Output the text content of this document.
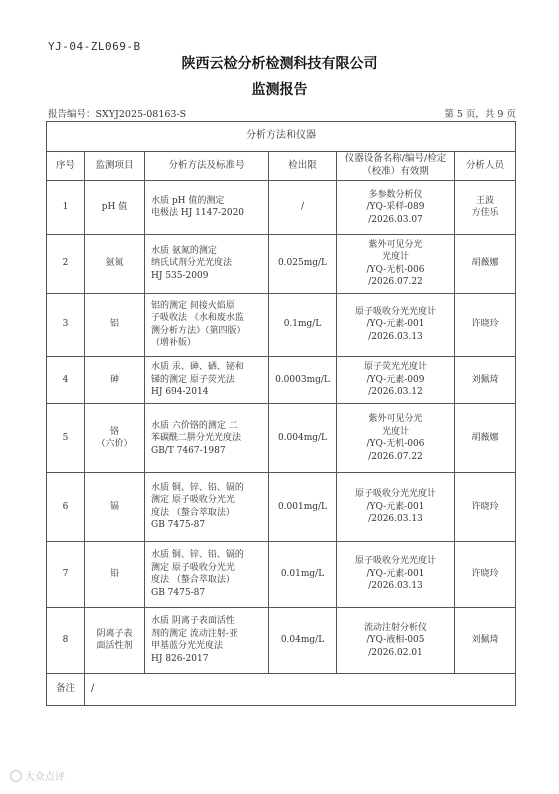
YJ-04-ZL069-B
陕西云检分析检测科技有限公司
监测报告
报告编号：SXYJ2025-08163-S	第 5 页，共 9 页
分析方法和仪器					
序号	监测项目	分析方法及标准号	检出限	仪器设备名称/编号/检定（校准）有效期	分析人员
1	pH 值	水质 pH 值的测定
电极法 HJ 1147-2020	/	多参数分析仪
/YQ-采样-089
/2026.03.07	王波
方佳乐
2	氨氮	水质 氨氮的测定
纳氏试剂分光光度法
HJ 535-2009	0.025mg/L	紫外可见分光
光度计
/YQ-无机-006
/2026.07.22	胡薇娜
3	铝	铝的测定 间接火焰原
子吸收法 《水和废水监
测分析方法》（第四版）
（增补版）	0.1mg/L	原子吸收分光光度计
/YQ-元素-001
/2026.03.13	许晓玲
4	砷	水质 汞、砷、硒、铋和
锑的测定 原子荧光法
HJ 694-2014	0.0003mg/L	原子荧光光度计
/YQ-元素-009
/2026.03.12	刘佩琦
5	铬
（六价）	水质 六价铬的测定 二
苯碳酰二肼分光光度法
GB/T 7467-1987	0.004mg/L	紫外可见分光
光度计
/YQ-无机-006
/2026.07.22	胡薇娜
6	镉	水质 铜、锌、铅、镉的
测定 原子吸收分光光
度法 （螯合萃取法）
GB 7475-87	0.001mg/L	原子吸收分光光度计
/YQ-元素-001
/2026.03.13	许晓玲
7	铅	水质 铜、锌、铅、镉的
测定 原子吸收分光光
度法 （螯合萃取法）
GB 7475-87	0.01mg/L	原子吸收分光光度计
/YQ-元素-001
/2026.03.13	许晓玲
8	阴离子表
面活性剂	水质 阴离子表面活性
剂的测定 流动注射-亚
甲基蓝分光光度法
HJ 826-2017	0.04mg/L	流动注射分析仪
/YQ-液相-005
/2026.02.01	刘佩琦
备注	/				
大众点评
